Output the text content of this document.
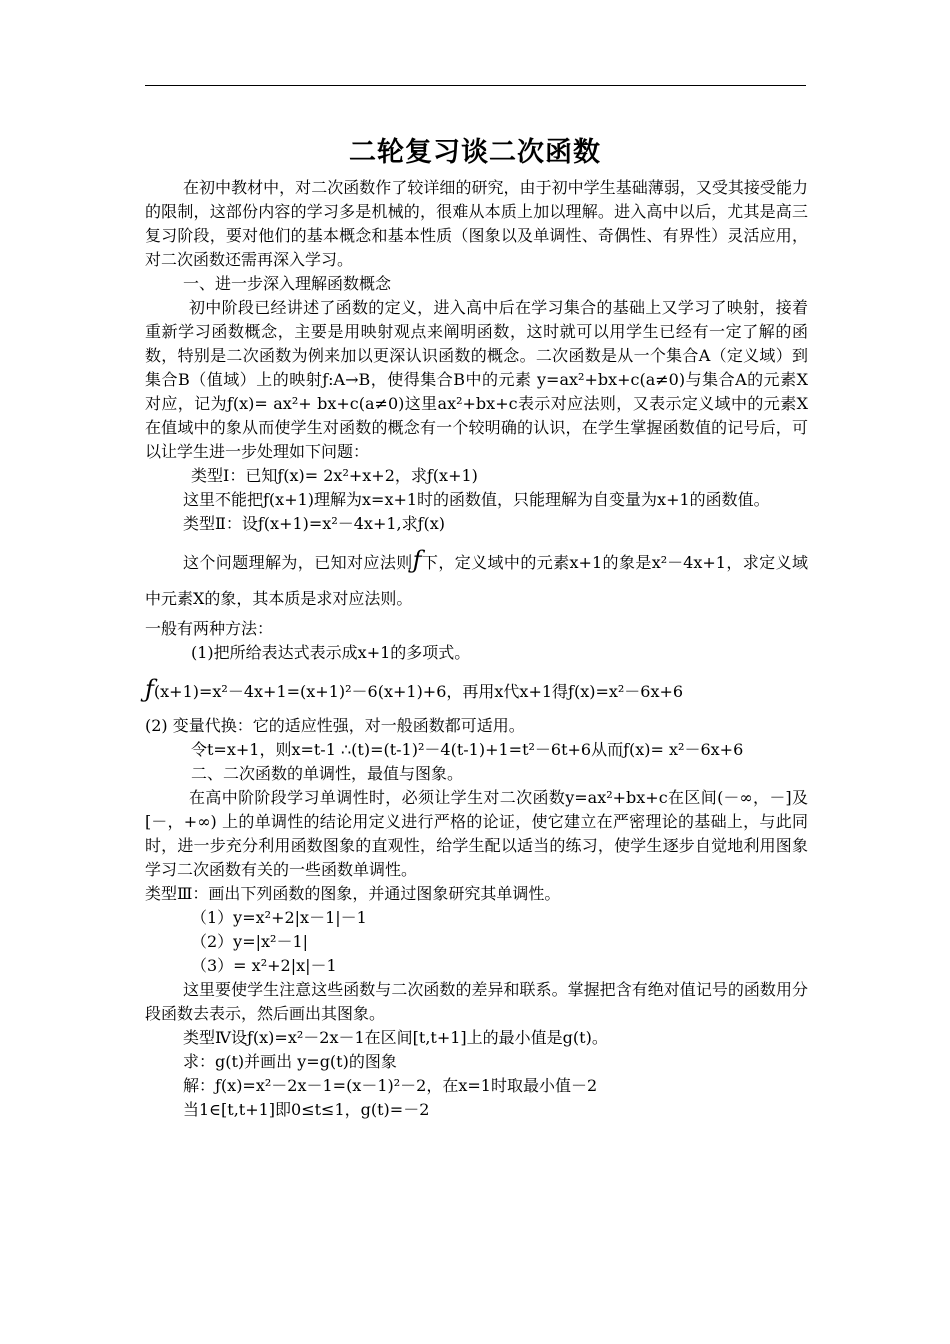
二轮复习谈二次函数

在初中教材中，对二次函数作了较详细的研究，由于初中学生基础薄弱，又受其接受能力的限制，这部份内容的学习多是机械的，很难从本质上加以理解。进入高中以后，尤其是高三复习阶段，要对他们的基本概念和基本性质（图象以及单调性、奇偶性、有界性）灵活应用，对二次函数还需再深入学习。

一、进一步深入理解函数概念

初中阶段已经讲述了函数的定义，进入高中后在学习集合的基础上又学习了映射，接着重新学习函数概念，主要是用映射观点来阐明函数，这时就可以用学生已经有一定了解的函数，特别是二次函数为例来加以更深认识函数的概念。二次函数是从一个集合A（定义域）到集合B（值域）上的映射ƒ:A→B，使得集合B中的元素 y=ax²+bx+c(a≠0)与集合A的元素X对应，记为ƒ(x)= ax²+ bx+c(a≠0)这里ax²+bx+c表示对应法则，又表示定义域中的元素X在值域中的象从而使学生对函数的概念有一个较明确的认识，在学生掌握函数值的记号后，可以让学生进一步处理如下问题：

类型Ⅰ：已知ƒ(x)= 2x²+x+2，求ƒ(x+1)

这里不能把ƒ(x+1)理解为x=x+1时的函数值，只能理解为自变量为x+1的函数值。

类型Ⅱ：设ƒ(x+1)=x²－4x+1,求ƒ(x)

这个问题理解为，已知对应法则ƒ下，定义域中的元素x+1的象是x²－4x+1，求定义域中元素X的象，其本质是求对应法则。

一般有两种方法：

(1)把所给表达式表示成x+1的多项式。

ƒ(x+1)=x²－4x+1=(x+1)²－6(x+1)+6，再用x代x+1得ƒ(x)=x²－6x+6

(2) 变量代换：它的适应性强，对一般函数都可适用。

令t=x+1，则x=t-1 ∴(t)=(t-1)²－4(t-1)+1=t²－6t+6从而ƒ(x)= x²－6x+6

二、二次函数的单调性，最值与图象。

在高中阶阶段学习单调性时，必须让学生对二次函数y=ax²+bx+c在区间(－∞，－]及[－，+∞) 上的单调性的结论用定义进行严格的论证，使它建立在严密理论的基础上，与此同时，进一步充分利用函数图象的直观性，给学生配以适当的练习，使学生逐步自觉地利用图象学习二次函数有关的一些函数单调性。

类型Ⅲ：画出下列函数的图象，并通过图象研究其单调性。

（1）y=x²+2|x－1|－1

（2）y=|x²－1|

（3）= x²+2|x|－1

这里要使学生注意这些函数与二次函数的差异和联系。掌握把含有绝对值记号的函数用分段函数去表示，然后画出其图象。

类型Ⅳ设ƒ(x)=x²－2x－1在区间[t,t+1]上的最小值是g(t)。

求：g(t)并画出 y=g(t)的图象

解：ƒ(x)=x²－2x－1=(x－1)²－2，在x=1时取最小值－2

当1∈[t,t+1]即0≤t≤1，g(t)=－2
